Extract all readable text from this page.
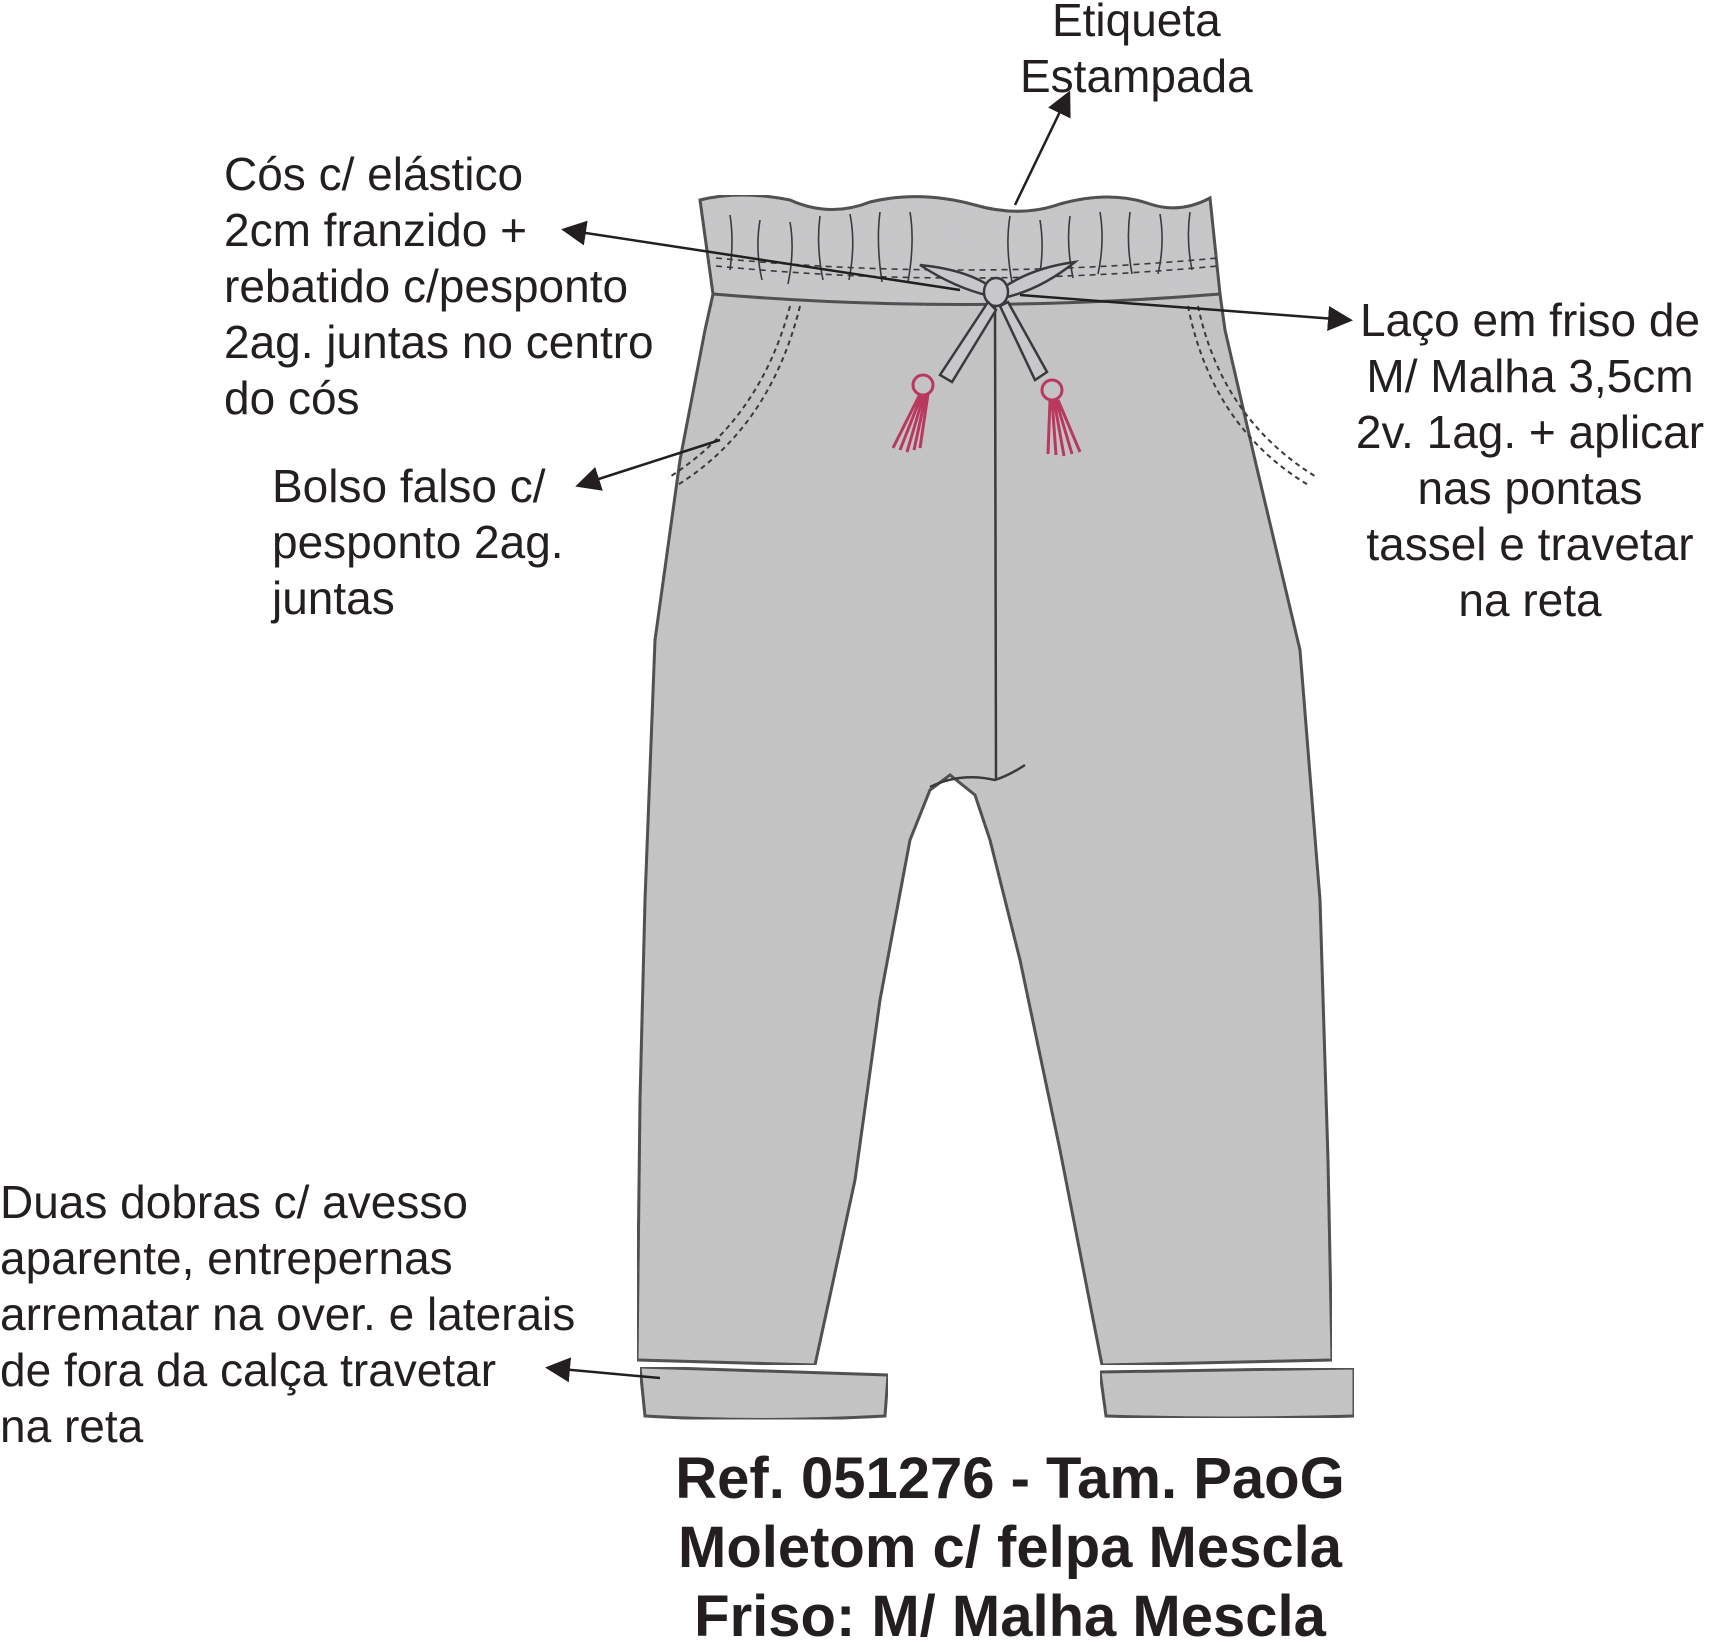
Etiqueta
Estampada
Cós c/ elástico
2cm franzido +
rebatido c/pesponto
2ag. juntas no centro
do cós
Bolso falso c/
pesponto 2ag.
juntas
Laço em friso de
M/ Malha 3,5cm
2v. 1ag. + aplicar
nas pontas
tassel e travetar
na reta
Duas dobras c/ avesso
aparente, entrepernas
arrematar na over. e laterais
de fora da calça travetar
na reta
Ref. 051276 - Tam. PaoG
Moletom c/ felpa Mescla
Friso: M/ Malha Mescla
